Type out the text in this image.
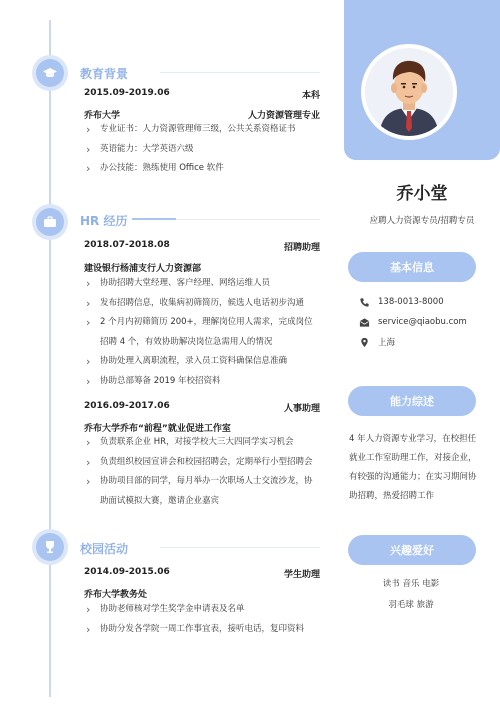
教育背景
2015.09-2019.06	本科
乔布大学	人力资源管理专业
› 专业证书：人力资源管理师三级，公共关系资格证书
› 英语能力：大学英语六级
› 办公技能：熟练使用 Office 软件
HR 经历
2018.07-2018.08	招聘助理
建设银行杨浦支行人力资源部
› 协助招聘大堂经理、客户经理、网络运维人员
› 发布招聘信息，收集病初筛简历，候选人电话初步沟通
› 2 个月内初筛简历 200+，理解岗位用人需求，完成岗位招聘 4 个，有效协助解决岗位急需用人的情况
› 协助处理入离职流程，录入员工资料确保信息准确
› 协助总部筹备 2019 年校招资料
2016.09-2017.06	人事助理
乔布大学乔布“前程”就业促进工作室
› 负责联系企业 HR，对接学校大三大四同学实习机会
› 负责组织校园宣讲会和校园招聘会，定期举行小型招聘会
› 协助项目部的同学，每月举办一次职场人士交流沙龙，协助面试模拟大赛，邀请企业嘉宾
校园活动
2014.09-2015.06	学生助理
乔布大学教务处
› 协助老师核对学生奖学金申请表及名单
› 协助分发各学院一周工作事宜表，接听电话，复印资料
乔小堂
应聘人力资源专员/招聘专员
基本信息
138-0013-8000
service@qiaobu.com
上海
能力综述
4 年人力资源专业学习，在校担任就业工作室助理工作，对接企业，有较强的沟通能力；在实习期间协助招聘，热爱招聘工作
兴趣爱好
读书 音乐 电影
羽毛球 旅游
